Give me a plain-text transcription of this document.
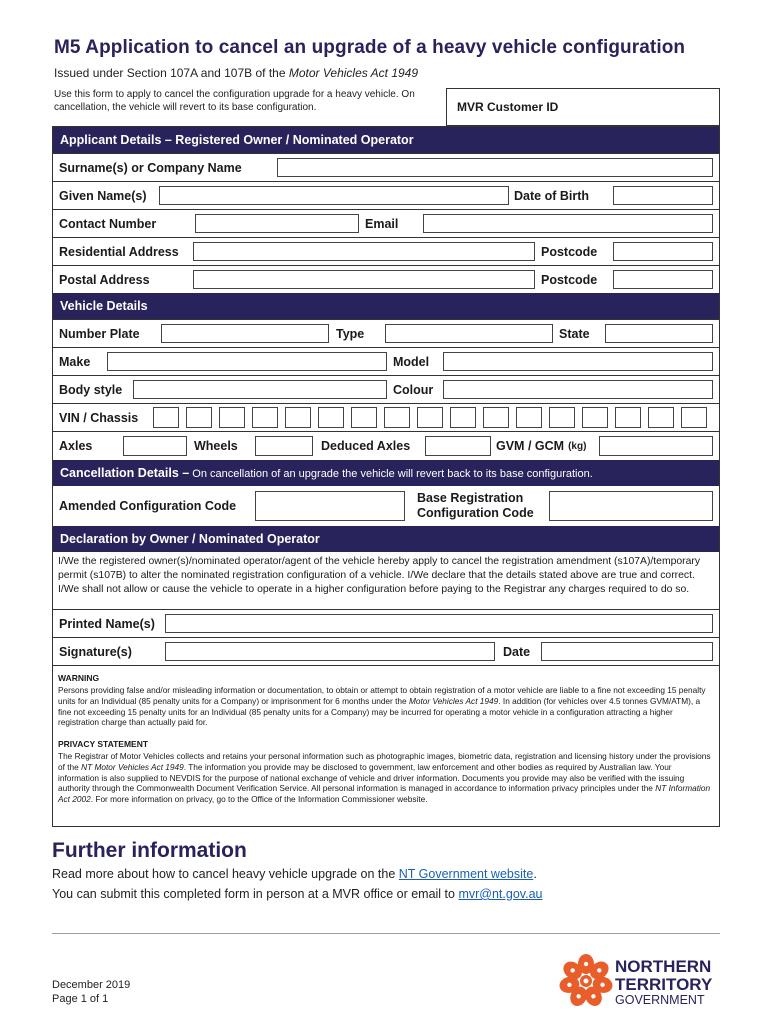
M5 Application to cancel an upgrade of a heavy vehicle configuration
Issued under Section 107A and 107B of the Motor Vehicles Act 1949
Use this form to apply to cancel the configuration upgrade for a heavy vehicle. On cancellation, the vehicle will revert to its base configuration.	MVR Customer ID
Applicant Details – Registered Owner / Nominated Operator
Surname(s) or Company Name
Given Name(s)	Date of Birth
Contact Number	Email
Residential Address	Postcode
Postal Address	Postcode
Vehicle Details
Number Plate	Type	State
Make	Model
Body style	Colour
VIN / Chassis
Axles	Wheels	Deduced Axles	GVM / GCM (kg)
Cancellation Details – On cancellation of an upgrade the vehicle will revert back to its base configuration.
Amended Configuration Code
Base Registration
Configuration Code
Declaration by Owner / Nominated Operator
I/We the registered owner(s)/nominated operator/agent of the vehicle hereby apply to cancel the registration amendment (s107A)/temporary permit (s107B) to alter the nominated registration configuration of a vehicle. I/We declare that the details stated above are true and correct. I/We shall not allow or cause the vehicle to operate in a higher configuration before paying to the Registrar any charges required to do so.
Printed Name(s)
Signature(s)	Date
WARNING
Persons providing false and/or misleading information or documentation, to obtain or attempt to obtain registration of a motor vehicle are liable to a fine not exceeding 15 penalty units for an Individual (85 penalty units for a Company) or imprisonment for 6 months under the Motor Vehicles Act 1949. In addition (for vehicles over 4.5 tonnes GVM/ATM), a fine not exceeding 15 penalty units for an Individual (85 penalty units for a Company) may be incurred for operating a motor vehicle in a configuration attracting a higher registration charge than actually paid for.
PRIVACY STATEMENT
The Registrar of Motor Vehicles collects and retains your personal information such as photographic images, biometric data, registration and licensing history under the provisions of the NT Motor Vehicles Act 1949. The information you provide may be disclosed to government, law enforcement and other bodies as required by Australian law. Your information is also supplied to NEVDIS for the purpose of national exchange of vehicle and driver information. Documents you provide may also be verified with the issuing authority through the Commonwealth Document Verification Service. All personal information is managed in accordance to information privacy principles under the NT Information Act 2002. For more information on privacy, go to the Office of the Information Commissioner website.
Further information
Read more about how to cancel heavy vehicle upgrade on the NT Government website.
You can submit this completed form in person at a MVR office or email to mvr@nt.gov.au
December 2019
Page 1 of 1
NORTHERN
TERRITORY
GOVERNMENT
